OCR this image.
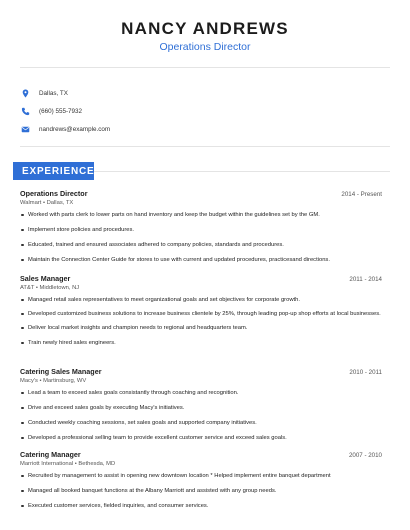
NANCY ANDREWS
Operations Director
Dallas, TX
(660) 555-7932
nandrews@example.com
EXPERIENCE
Operations Director	2014 - Present
Walmart • Dallas, TX
Worked with parts clerk to lower parts on hand inventory and keep the budget within the guidelines set by the GM.
Implement store policies and procedures.
Educated, trained and ensured associates adhered to company policies, standards and procedures.
Maintain the Connection Center Guide for stores to use with current and updated procedures, practicesand directions.
Sales Manager	2011 - 2014
AT&T • Middletown, NJ
Managed retail sales representatives to meet organizational goals and set objectives for corporate growth.
Developed customized business solutions to increase business clientele by 25%, through leading pop-up shop efforts at local businesses.
Deliver local market insights and champion needs to regional and headquarters team.
Train newly hired sales engineers.
Catering Sales Manager	2010 - 2011
Macy's • Martinsburg, WV
Lead a team to exceed sales goals consistantly through coaching and recognition.
Drive and exceed sales goals by executing Macy's initiatives.
Conducted weekly coaching sessions, set sales goals and supported company initiatives.
Developed a professional selling team to provide excellent customer service and exceed sales goals.
Catering Manager	2007 - 2010
Marriott International • Bethesda, MD
Recruited by management to assist in opening new downtown location * Helped implement entire banquet department
Managed all booked banquet functions at the Albany Marriott and assisted with any group needs.
Executed customer services, fielded inquiries, and consumer services.
